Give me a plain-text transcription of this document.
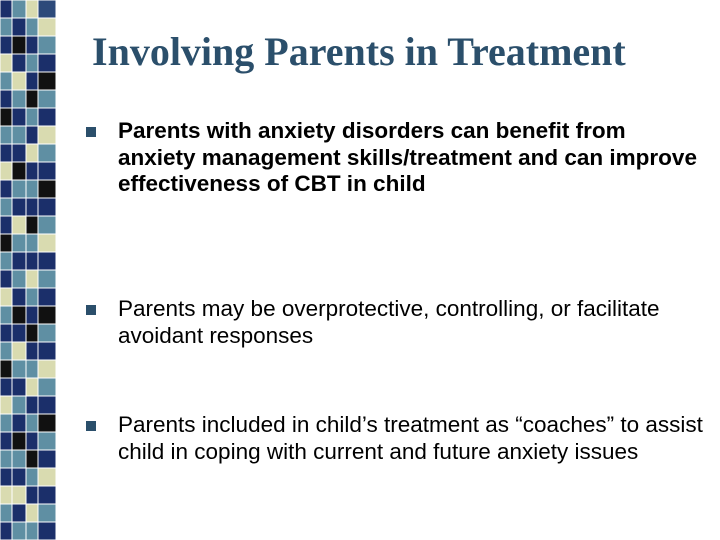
Involving Parents in Treatment
Parents with anxiety disorders can benefit from anxiety management skills/treatment and can improve effectiveness of CBT in child
Parents may be overprotective, controlling, or facilitate avoidant responses
Parents included in child’s treatment as “coaches” to assist child in coping with current and future anxiety issues
